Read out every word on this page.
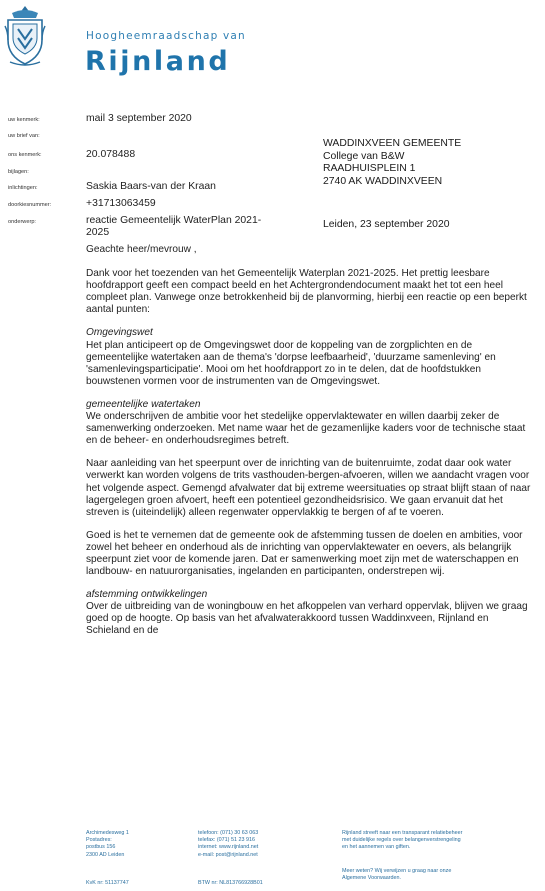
Hoogheemraadschap van
Rijnland
uw kenmerk:
uw brief van:
ons kenmerk:
bijlagen:
inlichtingen:
doorkiesnummer:
onderwerp:
mail 3 september 2020
20.078488
Saskia Baars-van der Kraan
+31713063459
reactie Gemeentelijk WaterPlan 2021-
2025
WADDINXVEEN GEMEENTE
College van B&W
RAADHUISPLEIN 1
2740 AK WADDINXVEEN
Leiden, 23 september 2020

Geachte heer/mevrouw ,

Dank voor het toezenden van het Gemeentelijk Waterplan 2021-2025. Het prettig leesbare hoofdrapport geeft een compact beeld en het Achtergrondendocument maakt het tot een heel compleet plan. Vanwege onze betrokkenheid bij de planvorming, hierbij een reactie op een beperkt aantal punten:

Omgevingswet

Het plan anticipeert op de Omgevingswet door de koppeling van de zorgplichten en de gemeentelijke watertaken aan de thema's 'dorpse leefbaarheid', 'duurzame samenleving' en 'samenlevingsparticipatie'. Mooi om het hoofdrapport zo in te delen, dat de hoofdstukken bouwstenen vormen voor de instrumenten van de Omgevingswet.

gemeentelijke watertaken

We onderschrijven de ambitie voor het stedelijke oppervlaktewater en willen daarbij zeker de samenwerking onderzoeken. Met name waar het de gezamenlijke kaders voor de technische staat en de beheer- en onderhoudsregimes betreft.

Naar aanleiding van het speerpunt over de inrichting van de buitenruimte, zodat daar ook water verwerkt kan worden volgens de trits vasthouden-bergen-afvoeren, willen we aandacht vragen voor het volgende aspect. Gemengd afvalwater dat bij extreme weersituaties op straat blijft staan of naar lagergelegen groen afvoert, heeft een potentieel gezondheidsrisico. We gaan ervanuit dat het streven is (uiteindelijk) alleen regenwater oppervlakkig te bergen of af te voeren.

Goed is het te vernemen dat de gemeente ook de afstemming tussen de doelen en ambities, voor zowel het beheer en onderhoud als de inrichting van oppervlaktewater en oevers, als belangrijk speerpunt ziet voor de komende jaren. Dat er samenwerking moet zijn met de waterschappen en landbouw- en natuurorganisaties, ingelanden en participanten, onderstrepen wij.

afstemming ontwikkelingen

Over de uitbreiding van de woningbouw en het afkoppelen van verhard oppervlak, blijven we graag goed op de hoogte. Op basis van het afvalwaterakkoord tussen Waddinxveen, Rijnland en Schieland en de

Archimedesweg 1
Postadres:
postbus 156
2300 AD Leiden
KvK nr: 51137747
telefoon: (071) 30 63 063
telefax: (071) 51 23 916
internet: www.rijnland.net
e-mail: post@rijnland.net
BTW nr: NL813766928B01
Rijnland streeft naar een transparant relatiebeheer
met duidelijke regels over belangenverstrengeling
en het aannemen van giften.
Meer weten? Wij verwijzen u graag naar onze
Algemene Voorwaarden.
